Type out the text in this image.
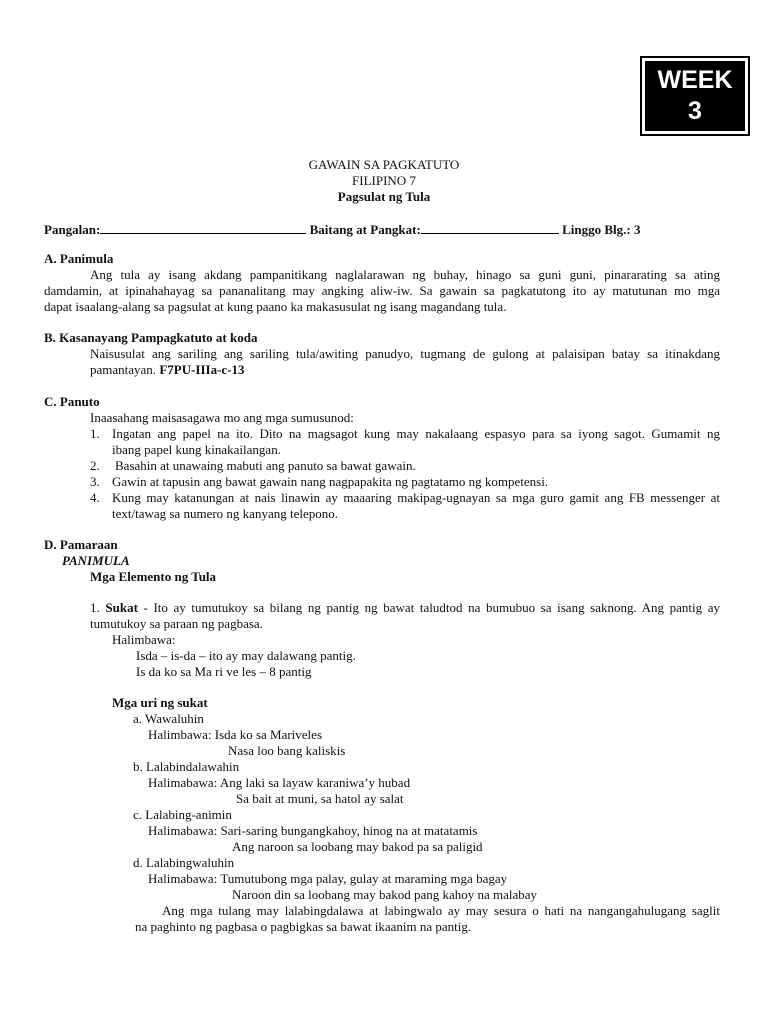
WEEK
3
GAWAIN SA PAGKATUTO
FILIPINO 7
Pagsulat ng Tula
Pangalan:	Baitang at Pangkat:	Linggo Blg.: 3
A. Panimula
Ang tula ay isang akdang pampanitikang naglalarawan ng buhay, hinago sa guni guni, pinararating sa ating
damdamin, at ipinahahayag sa pananalitang may angking aliw-iw. Sa gawain sa pagkatutong ito ay matutunan mo mga
dapat isaalang-alang sa pagsulat at kung paano ka makasusulat ng isang magandang tula.
B. Kasanayang Pampagkatuto at koda
Naisusulat ang sariling ang sariling tula/awiting panudyo, tugmang de gulong at palaisipan batay sa itinakdang
pamantayan. F7PU-IIIa-c-13
C. Panuto
Inaasahang maisasagawa mo ang mga sumusunod:
1. Ingatan ang papel na ito. Dito na magsagot kung may nakalaang espasyo para sa iyong sagot. Gumamit ng
ibang papel kung kinakailangan.
2. Basahin at unawaing mabuti ang panuto sa bawat gawain.
3. Gawin at tapusin ang bawat gawain nang nagpapakita ng pagtatamo ng kompetensi.
4. Kung may katanungan at nais linawin ay maaaring makipag-ugnayan sa mga guro gamit ang FB messenger at
text/tawag sa numero ng kanyang telepono.
D. Pamaraan
PANIMULA
Mga Elemento ng Tula
1. Sukat - Ito ay tumutukoy sa bilang ng pantig ng bawat taludtod na bumubuo sa isang saknong. Ang pantig ay
tumutukoy sa paraan ng pagbasa.
Halimbawa:
Isda – is-da – ito ay may dalawang pantig.
Is da ko sa Ma ri ve les – 8 pantig
Mga uri ng sukat
a. Wawaluhin
Halimbawa: Isda ko sa Mariveles
Nasa loo bang kaliskis
b. Lalabindalawahin
Halimabawa: Ang laki sa layaw karaniwa’y hubad
Sa bait at muni, sa hatol ay salat
c. Lalabing-animin
Halimabawa: Sari-saring bungangkahoy, hinog na at matatamis
Ang naroon sa loobang may bakod pa sa paligid
d. Lalabingwaluhin
Halimabawa: Tumutubong mga palay, gulay at maraming mga bagay
Naroon din sa loobang may bakod pang kahoy na malabay
Ang mga tulang may lalabingdalawa at labingwalo ay may sesura o hati na nangangahulugang saglit
na paghinto ng pagbasa o pagbigkas sa bawat ikaanim na pantig.
